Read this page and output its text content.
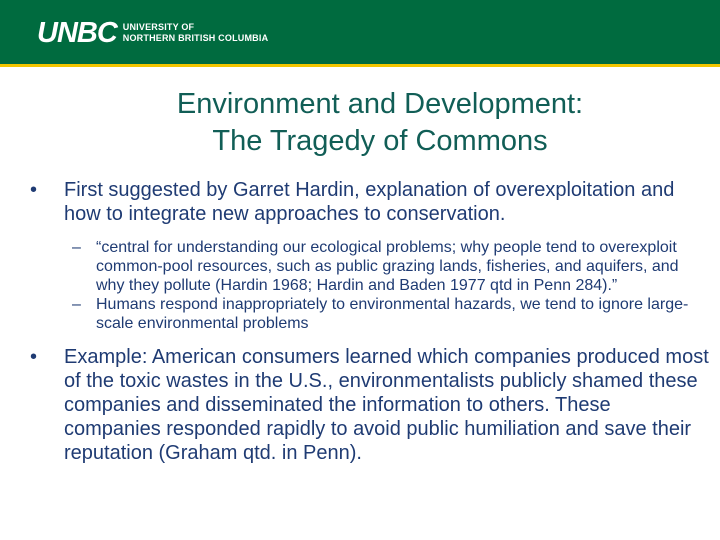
UNBC UNIVERSITY OF
NORTHERN BRITISH COLUMBIA
Environment and Development:
The Tragedy of Commons
•	First suggested by Garret Hardin, explanation of overexploitation and how to integrate new approaches to conservation.
– “central for understanding our ecological problems; why people tend to overexploit common-pool resources, such as public grazing lands, fisheries, and aquifers, and why they pollute (Hardin 1968; Hardin and Baden 1977 qtd in Penn 284).”
– Humans respond inappropriately to environmental hazards, we tend to ignore large-scale environmental problems
•	Example: American consumers learned which companies produced most of the toxic wastes in the U.S., environmentalists publicly shamed these companies and disseminated the information to others. These companies responded rapidly to avoid public humiliation and save their reputation (Graham qtd. in Penn).
